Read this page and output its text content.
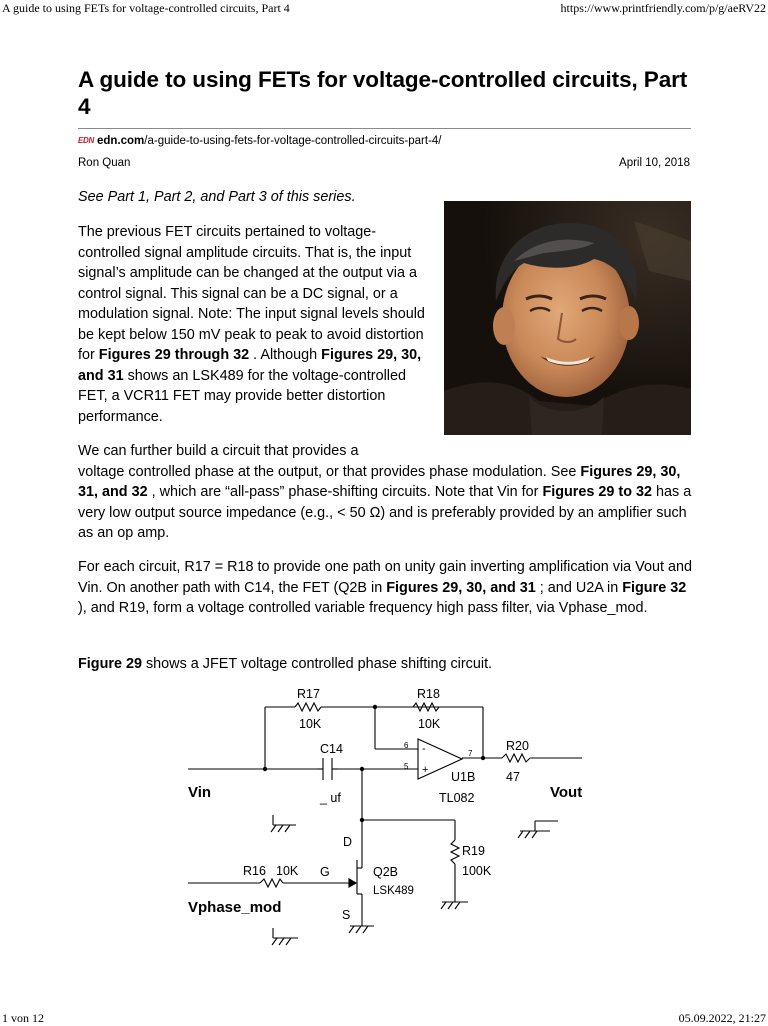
A guide to using FETs for voltage-controlled circuits, Part 4	https://www.printfriendly.com/p/g/aeRV22
A guide to using FETs for voltage-controlled circuits, Part 4
EDN edn.com/a-guide-to-using-fets-for-voltage-controlled-circuits-part-4/
Ron Quan	April 10, 2018

See Part 1, Part 2, and Part 3 of this series.

The previous FET circuits pertained to voltage-controlled signal amplitude circuits. That is, the input signal’s amplitude can be changed at the output via a control signal. This signal can be a DC signal, or a modulation signal. Note: The input signal levels should be kept below 150 mV peak to peak to avoid distortion for Figures 29 through 32 . Although Figures 29, 30, and 31 shows an LSK489 for the voltage-controlled FET, a VCR11 FET may provide better distortion performance.

We can further build a circuit that provides a
voltage controlled phase at the output, or that provides phase modulation. See Figures 29, 30, 31, and 32 , which are “all-pass” phase-shifting circuits. Note that Vin for Figures 29 to 32 has a very low output source impedance (e.g., < 50 Ω) and is preferably provided by an amplifier such as an op amp.

For each circuit, R17 = R18 to provide one path on unity gain inverting amplification via Vout and Vin. On another path with C14, the FET (Q2B in Figures 29, 30, and 31 ; and U2A in Figure 32 ), and R19, form a voltage controlled variable frequency high pass filter, via Vphase_mod.

Figure 29 shows a JFET voltage controlled phase shifting circuit.

R17
10K
R18
10K
C14
_ uf
R20
47
6
5
7
-
+ U1B
TL082
Vin	Vout
D
G
S
Q2B
LSK489
R19
100K
R16 10K
Vphase_mod
1 von 12	05.09.2022, 21:27
